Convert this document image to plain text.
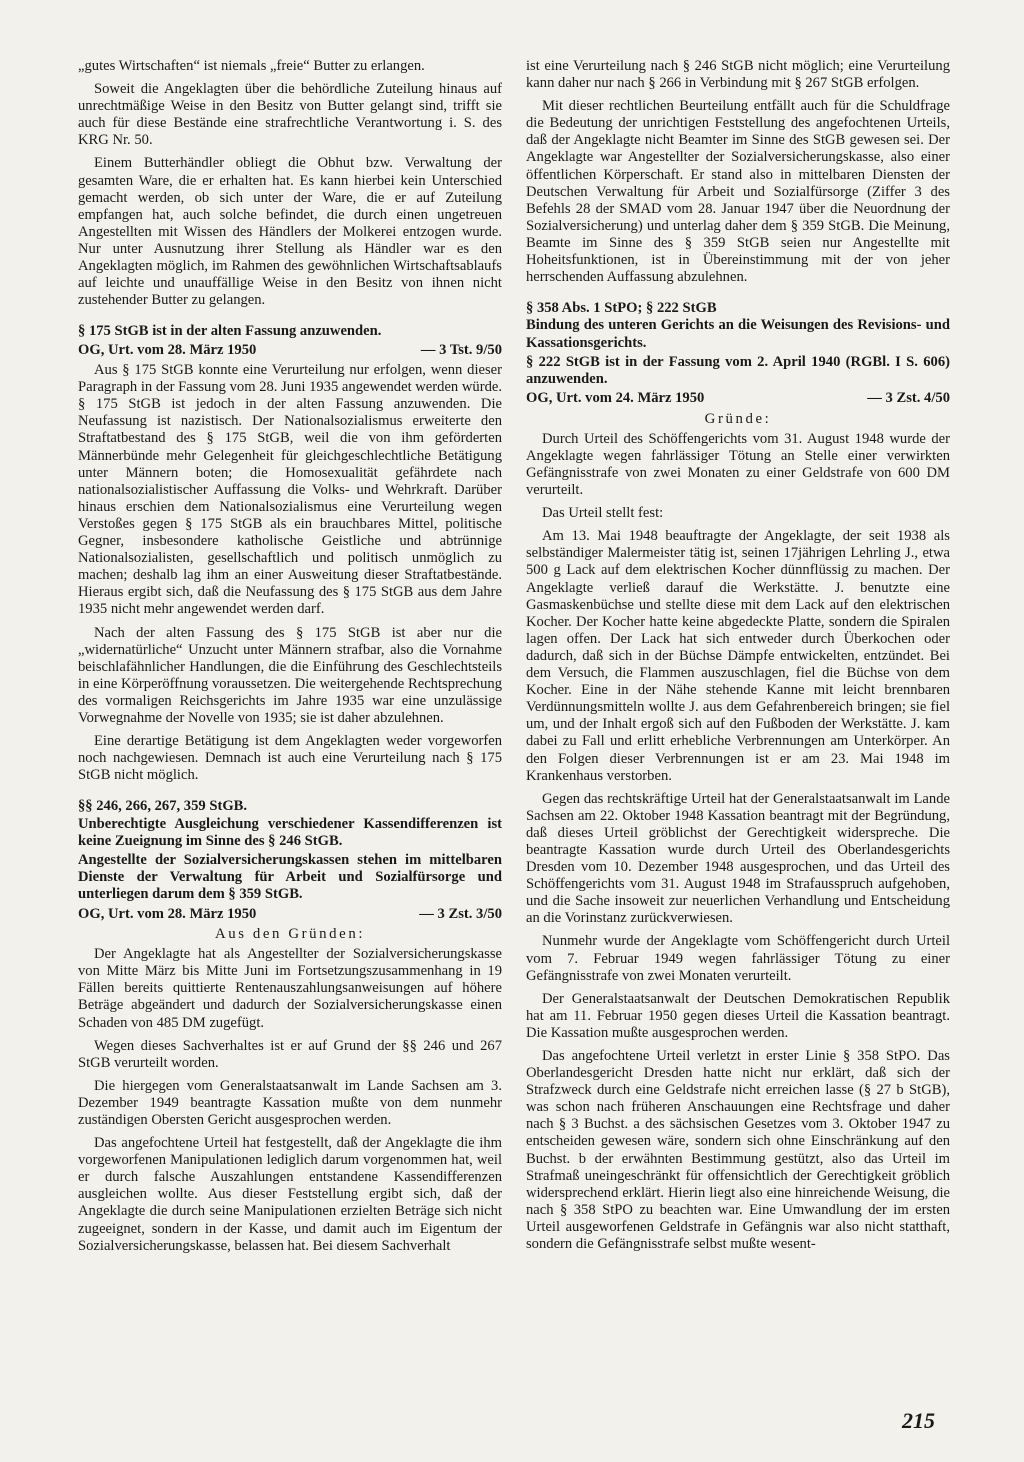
„gutes Wirtschaften“ ist niemals „freie“ Butter zu erlangen.

Soweit die Angeklagten über die behördliche Zuteilung hinaus auf unrechtmäßige Weise in den Besitz von Butter gelangt sind, trifft sie auch für diese Bestände eine strafrechtliche Verantwortung i. S. des KRG Nr. 50.

Einem Butterhändler obliegt die Obhut bzw. Verwaltung der gesamten Ware, die er erhalten hat. Es kann hierbei kein Unterschied gemacht werden, ob sich unter der Ware, die er auf Zuteilung empfangen hat, auch solche befindet, die durch einen ungetreuen Angestellten mit Wissen des Händlers der Molkerei entzogen wurde. Nur unter Ausnutzung ihrer Stellung als Händler war es den Angeklagten möglich, im Rahmen des gewöhnlichen Wirtschaftsablaufs auf leichte und unauffällige Weise in den Besitz von ihnen nicht zustehender Butter zu gelangen.

§ 175 StGB ist in der alten Fassung anzuwenden.
OG, Urt. vom 28. März 1950	— 3 Tst. 9/50

Aus § 175 StGB konnte eine Verurteilung nur erfolgen, wenn dieser Paragraph in der Fassung vom 28. Juni 1935 angewendet werden würde. § 175 StGB ist jedoch in der alten Fassung anzuwenden. Die Neufassung ist nazistisch. Der Nationalsozialismus erweiterte den Straftatbestand des § 175 StGB, weil die von ihm geförderten Männerbünde mehr Gelegenheit für gleichgeschlechtliche Betätigung unter Männern boten; die Homosexualität gefährdete nach nationalsozialistischer Auffassung die Volks- und Wehrkraft. Darüber hinaus erschien dem Nationalsozialismus eine Verurteilung wegen Verstoßes gegen § 175 StGB als ein brauchbares Mittel, politische Gegner, insbesondere katholische Geistliche und abtrünnige Nationalsozialisten, gesellschaftlich und politisch unmöglich zu machen; deshalb lag ihm an einer Ausweitung dieser Straftatbestände. Hieraus ergibt sich, daß die Neufassung des § 175 StGB aus dem Jahre 1935 nicht mehr angewendet werden darf.

Nach der alten Fassung des § 175 StGB ist aber nur die „widernatürliche“ Unzucht unter Männern strafbar, also die Vornahme beischlafähnlicher Handlungen, die die Einführung des Geschlechtsteils in eine Körperöffnung voraussetzen. Die weitergehende Rechtsprechung des vormaligen Reichsgerichts im Jahre 1935 war eine unzulässige Vorwegnahme der Novelle von 1935; sie ist daher abzulehnen.

Eine derartige Betätigung ist dem Angeklagten weder vorgeworfen noch nachgewiesen. Demnach ist auch eine Verurteilung nach § 175 StGB nicht möglich.

§§ 246, 266, 267, 359 StGB.
Unberechtigte Ausgleichung verschiedener Kassendifferenzen ist keine Zueignung im Sinne des § 246 StGB.
Angestellte der Sozialversicherungskassen stehen im mittelbaren Dienste der Verwaltung für Arbeit und Sozialfürsorge und unterliegen darum dem § 359 StGB.
OG, Urt. vom 28. März 1950	— 3 Zst. 3/50
Aus den Gründen:

Der Angeklagte hat als Angestellter der Sozialversicherungskasse von Mitte März bis Mitte Juni im Fortsetzungszusammenhang in 19 Fällen bereits quittierte Rentenauszahlungsanweisungen auf höhere Beträge abgeändert und dadurch der Sozialversicherungskasse einen Schaden von 485 DM zugefügt.

Wegen dieses Sachverhaltes ist er auf Grund der §§ 246 und 267 StGB verurteilt worden.

Die hiergegen vom Generalstaatsanwalt im Lande Sachsen am 3. Dezember 1949 beantragte Kassation mußte von dem nunmehr zuständigen Obersten Gericht ausgesprochen werden.

Das angefochtene Urteil hat festgestellt, daß der Angeklagte die ihm vorgeworfenen Manipulationen lediglich darum vorgenommen hat, weil er durch falsche Auszahlungen entstandene Kassendifferenzen ausgleichen wollte. Aus dieser Feststellung ergibt sich, daß der Angeklagte die durch seine Manipulationen erzielten Beträge sich nicht zugeeignet, sondern in der Kasse, und damit auch im Eigentum der Sozialversicherungskasse, belassen hat. Bei diesem Sachverhalt

ist eine Verurteilung nach § 246 StGB nicht möglich; eine Verurteilung kann daher nur nach § 266 in Verbindung mit § 267 StGB erfolgen.

Mit dieser rechtlichen Beurteilung entfällt auch für die Schuldfrage die Bedeutung der unrichtigen Feststellung des angefochtenen Urteils, daß der Angeklagte nicht Beamter im Sinne des StGB gewesen sei. Der Angeklagte war Angestellter der Sozialversicherungskasse, also einer öffentlichen Körperschaft. Er stand also in mittelbaren Diensten der Deutschen Verwaltung für Arbeit und Sozialfürsorge (Ziffer 3 des Befehls 28 der SMAD vom 28. Januar 1947 über die Neuordnung der Sozialversicherung) und unterlag daher dem § 359 StGB. Die Meinung, Beamte im Sinne des § 359 StGB seien nur Angestellte mit Hoheitsfunktionen, ist in Übereinstimmung mit der von jeher herrschenden Auffassung abzulehnen.

§ 358 Abs. 1 StPO; § 222 StGB
Bindung des unteren Gerichts an die Weisungen des Revisions- und Kassationsgerichts.
§ 222 StGB ist in der Fassung vom 2. April 1940 (RGBl. I S. 606) anzuwenden.
OG, Urt. vom 24. März 1950	— 3 Zst. 4/50
Gründe:

Durch Urteil des Schöffengerichts vom 31. August 1948 wurde der Angeklagte wegen fahrlässiger Tötung an Stelle einer verwirkten Gefängnisstrafe von zwei Monaten zu einer Geldstrafe von 600 DM verurteilt.

Das Urteil stellt fest:

Am 13. Mai 1948 beauftragte der Angeklagte, der seit 1938 als selbständiger Malermeister tätig ist, seinen 17jährigen Lehrling J., etwa 500 g Lack auf dem elektrischen Kocher dünnflüssig zu machen. Der Angeklagte verließ darauf die Werkstätte. J. benutzte eine Gasmaskenbüchse und stellte diese mit dem Lack auf den elektrischen Kocher. Der Kocher hatte keine abgedeckte Platte, sondern die Spiralen lagen offen. Der Lack hat sich entweder durch Überkochen oder dadurch, daß sich in der Büchse Dämpfe entwickelten, entzündet. Bei dem Versuch, die Flammen auszuschlagen, fiel die Büchse von dem Kocher. Eine in der Nähe stehende Kanne mit leicht brennbaren Verdünnungsmitteln wollte J. aus dem Gefahrenbereich bringen; sie fiel um, und der Inhalt ergoß sich auf den Fußboden der Werkstätte. J. kam dabei zu Fall und erlitt erhebliche Verbrennungen am Unterkörper. An den Folgen dieser Verbrennungen ist er am 23. Mai 1948 im Krankenhaus verstorben.

Gegen das rechtskräftige Urteil hat der Generalstaatsanwalt im Lande Sachsen am 22. Oktober 1948 Kassation beantragt mit der Begründung, daß dieses Urteil gröblichst der Gerechtigkeit widerspreche. Die beantragte Kassation wurde durch Urteil des Oberlandesgerichts Dresden vom 10. Dezember 1948 ausgesprochen, und das Urteil des Schöffengerichts vom 31. August 1948 im Strafausspruch aufgehoben, und die Sache insoweit zur neuerlichen Verhandlung und Entscheidung an die Vorinstanz zurückverwiesen.

Nunmehr wurde der Angeklagte vom Schöffengericht durch Urteil vom 7. Februar 1949 wegen fahrlässiger Tötung zu einer Gefängnisstrafe von zwei Monaten verurteilt.

Der Generalstaatsanwalt der Deutschen Demokratischen Republik hat am 11. Februar 1950 gegen dieses Urteil die Kassation beantragt. Die Kassation mußte ausgesprochen werden.

Das angefochtene Urteil verletzt in erster Linie § 358 StPO. Das Oberlandesgericht Dresden hatte nicht nur erklärt, daß sich der Strafzweck durch eine Geldstrafe nicht erreichen lasse (§ 27 b StGB), was schon nach früheren Anschauungen eine Rechtsfrage und daher nach § 3 Buchst. a des sächsischen Gesetzes vom 3. Oktober 1947 zu entscheiden gewesen wäre, sondern sich ohne Einschränkung auf den Buchst. b der erwähnten Bestimmung gestützt, also das Urteil im Strafmaß uneingeschränkt für offensichtlich der Gerechtigkeit gröblich widersprechend erklärt. Hierin liegt also eine hinreichende Weisung, die nach § 358 StPO zu beachten war. Eine Umwandlung der im ersten Urteil ausgeworfenen Geldstrafe in Gefängnis war also nicht statthaft, sondern die Gefängnisstrafe selbst mußte wesent-

215
